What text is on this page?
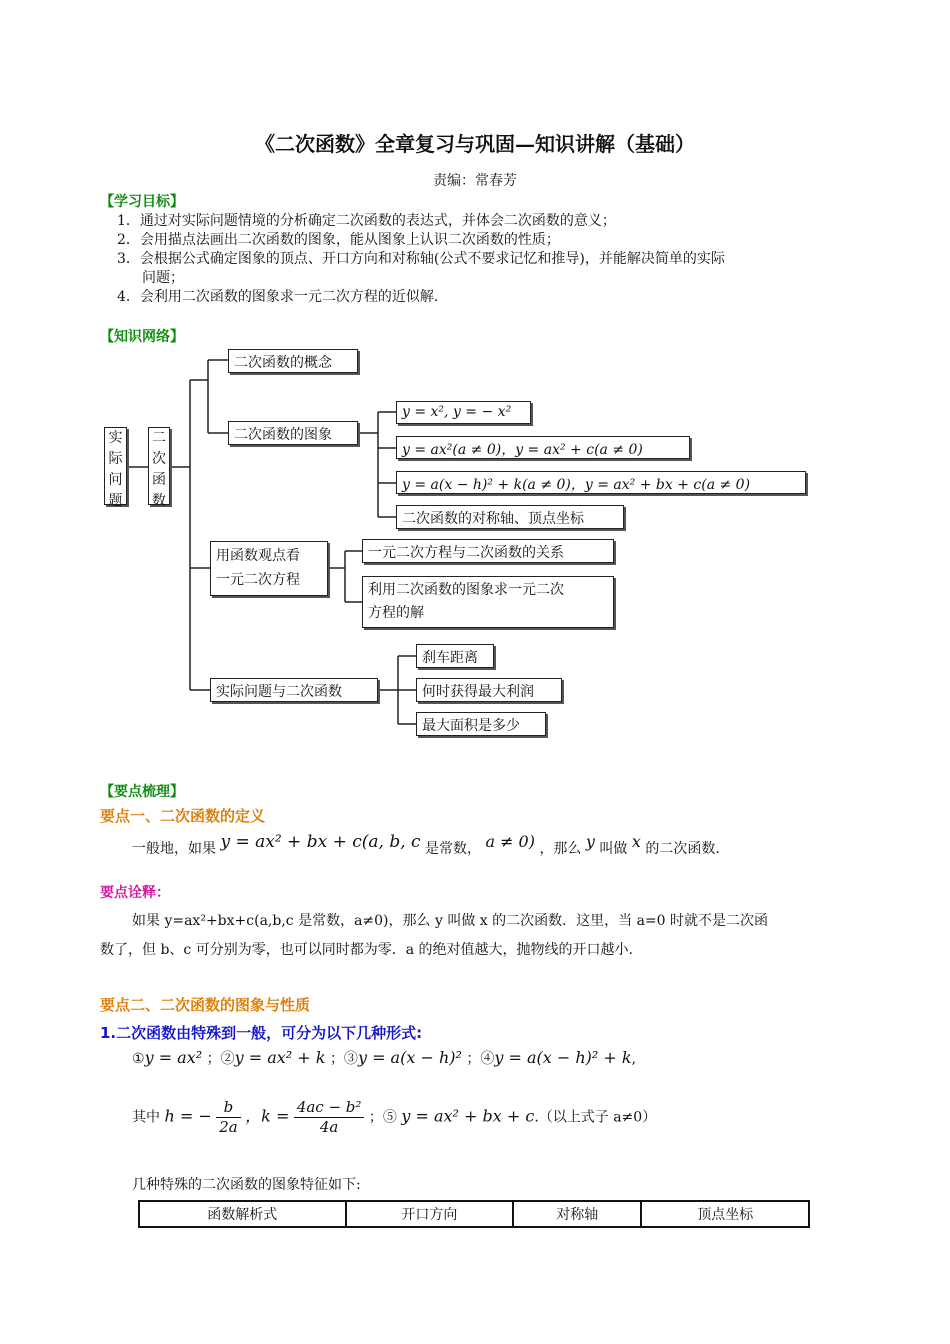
《二次函数》全章复习与巩固—知识讲解（基础）
责编：常春芳
【学习目标】
1．通过对实际问题情境的分析确定二次函数的表达式，并体会二次函数的意义；
2．会用描点法画出二次函数的图象，能从图象上认识二次函数的性质；
3．会根据公式确定图象的顶点、开口方向和对称轴(公式不要求记忆和推导)，并能解决简单的实际
问题；
4．会利用二次函数的图象求一元二次方程的近似解.
【知识网络】
实
际
问
题
二
次
函
数
二次函数的概念
二次函数的图象
y = x², y = − x²
y = ax²(a ≠ 0)，y = ax² + c(a ≠ 0)
y = a(x − h)² + k(a ≠ 0)，y = ax² + bx + c(a ≠ 0)
二次函数的对称轴、顶点坐标
用函数观点看
一元二次方程
一元二次方程与二次函数的关系
利用二次函数的图象求一元二次
方程的解
实际问题与二次函数
刹车距离
何时获得最大利润
最大面积是多少
【要点梳理】
要点一、二次函数的定义
一般地，如果 y = ax² + bx + c(a, b, c 是常数， a ≠ 0) ，那么 y 叫做 x 的二次函数.
要点诠释：
如果 y=ax²+bx+c(a,b,c 是常数，a≠0)，那么 y 叫做 x 的二次函数．这里，当 a=0 时就不是二次函
数了，但 b、c 可分别为零，也可以同时都为零．a 的绝对值越大，抛物线的开口越小.
要点二、二次函数的图象与性质
1.二次函数由特殊到一般，可分为以下几种形式:
①y = ax² ；②y = ax² + k ；③y = a(x − h)² ；④y = a(x − h)² + k,
其中 h = − $\frac{b}{2a}$ ，$k = \frac{\text{4ac − b²}}{4a}$ ；⑤ y = ax² + bx + c.（以上式子 a≠0）
几种特殊的二次函数的图象特征如下:
函数解析式	开口方向	对称轴	顶点坐标
